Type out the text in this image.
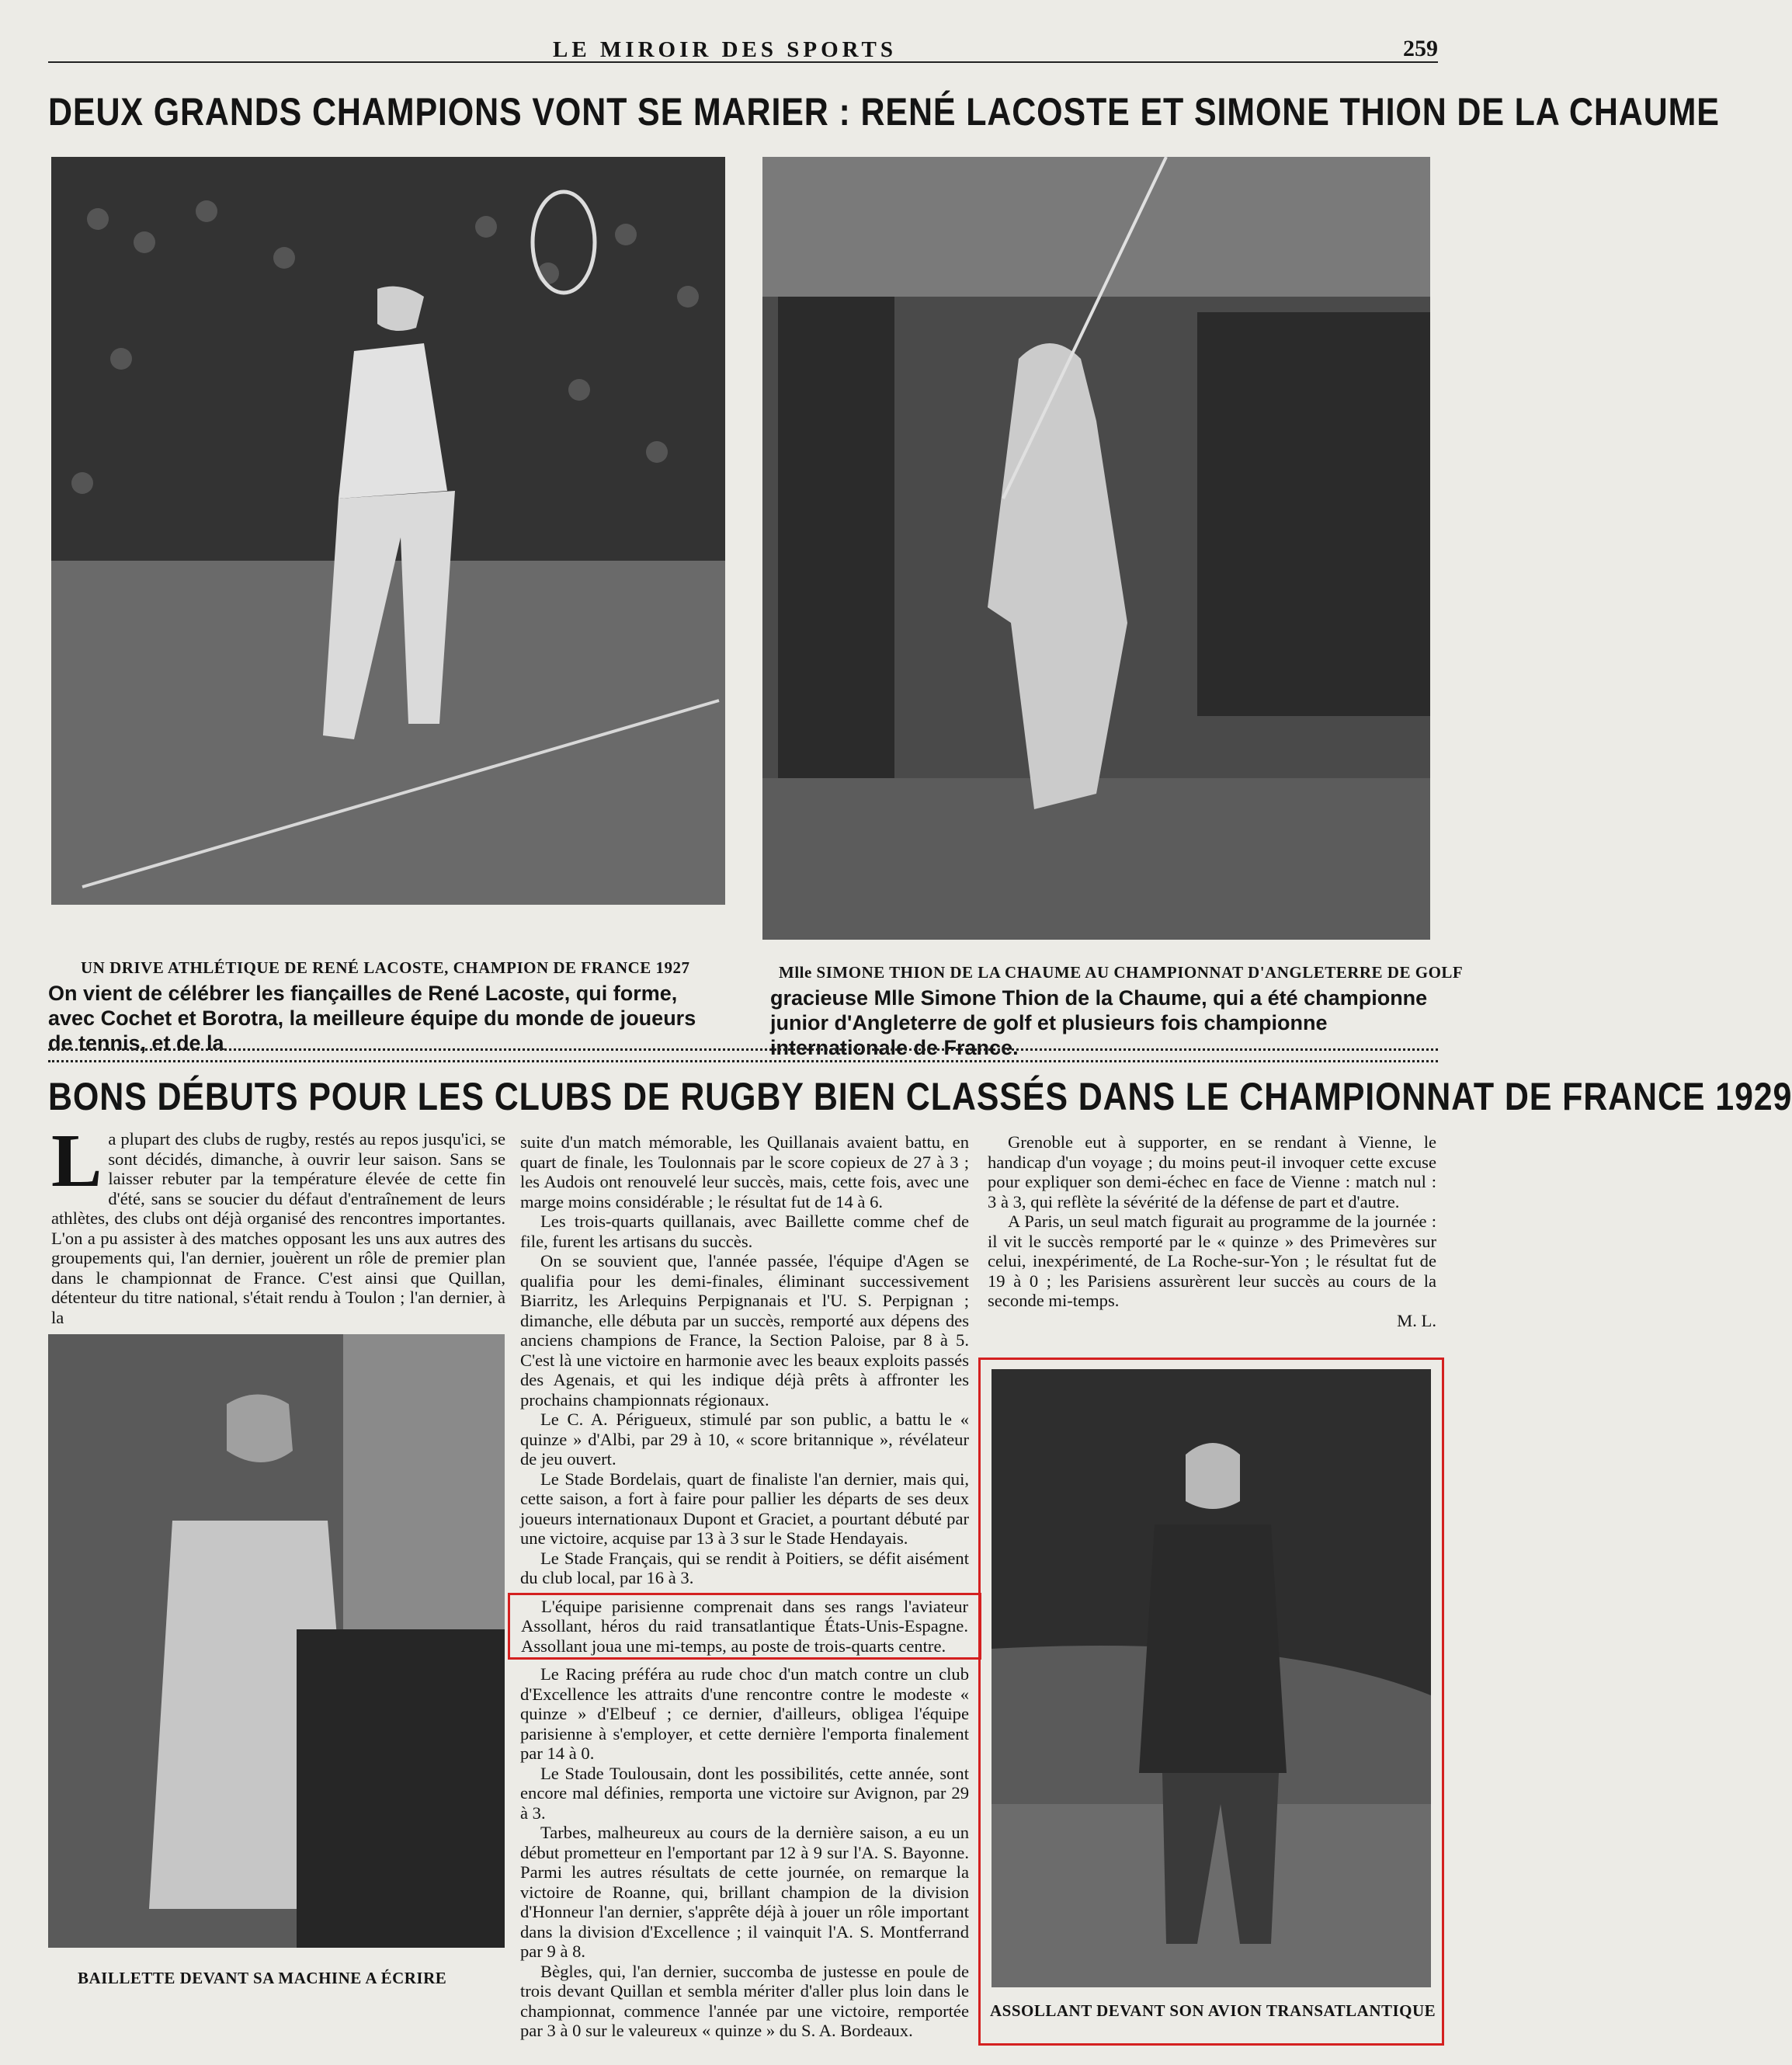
LE MIROIR DES SPORTS	259
DEUX GRANDS CHAMPIONS VONT SE MARIER : RENÉ LACOSTE ET SIMONE THION DE LA CHAUME
UN DRIVE ATHLÉTIQUE DE RENÉ LACOSTE, CHAMPION DE FRANCE 1927	Mlle SIMONE THION DE LA CHAUME AU CHAMPIONNAT D'ANGLETERRE DE GOLF
On vient de célébrer les fiançailles de René Lacoste, qui forme, avec Cochet et Borotra, la meilleure équipe du monde de joueurs de tennis, et de la
gracieuse Mlle Simone Thion de la Chaume, qui a été championne junior d'Angleterre de golf et plusieurs fois championne internationale de France.
BONS DÉBUTS POUR LES CLUBS DE RUGBY BIEN CLASSÉS DANS LE CHAMPIONNAT DE FRANCE 1929

La plupart des clubs de rugby, restés au repos jusqu'ici, se sont décidés, dimanche, à ouvrir leur saison. Sans se laisser rebuter par la température élevée de cette fin d'été, sans se soucier du défaut d'entraînement de leurs athlètes, des clubs ont déjà organisé des rencontres importantes. L'on a pu assister à des matches opposant les uns aux autres des groupements qui, l'an dernier, jouèrent un rôle de premier plan dans le championnat de France. C'est ainsi que Quillan, détenteur du titre national, s'était rendu à Toulon ; l'an dernier, à la

BAILLETTE DEVANT SA MACHINE A ÉCRIRE

suite d'un match mémorable, les Quillanais avaient battu, en quart de finale, les Toulonnais par le score copieux de 27 à 3 ; les Audois ont renouvelé leur succès, mais, cette fois, avec une marge moins considérable ; le résultat fut de 14 à 6.

Les trois-quarts quillanais, avec Baillette comme chef de file, furent les artisans du succès.

On se souvient que, l'année passée, l'équipe d'Agen se qualifia pour les demi-finales, éliminant successivement Biarritz, les Arlequins Perpignanais et l'U. S. Perpignan ; dimanche, elle débuta par un succès, remporté aux dépens des anciens champions de France, la Section Paloise, par 8 à 5. C'est là une victoire en harmonie avec les beaux exploits passés des Agenais, et qui les indique déjà prêts à affronter les prochains championnats régionaux.

Le C. A. Périgueux, stimulé par son public, a battu le « quinze » d'Albi, par 29 à 10, « score britannique », révélateur de jeu ouvert.

Le Stade Bordelais, quart de finaliste l'an dernier, mais qui, cette saison, a fort à faire pour pallier les départs de ses deux joueurs internationaux Dupont et Graciet, a pourtant débuté par une victoire, acquise par 13 à 3 sur le Stade Hendayais.

Le Stade Français, qui se rendit à Poitiers, se défit aisément du club local, par 16 à 3.

L'équipe parisienne comprenait dans ses rangs l'aviateur Assollant, héros du raid transatlantique États-Unis-Espagne. Assollant joua une mi-temps, au poste de trois-quarts centre.

Le Racing préféra au rude choc d'un match contre un club d'Excellence les attraits d'une rencontre contre le modeste « quinze » d'Elbeuf ; ce dernier, d'ailleurs, obligea l'équipe parisienne à s'employer, et cette dernière l'emporta finalement par 14 à 0.

Le Stade Toulousain, dont les possibilités, cette année, sont encore mal définies, remporta une victoire sur Avignon, par 29 à 3.

Tarbes, malheureux au cours de la dernière saison, a eu un début prometteur en l'emportant par 12 à 9 sur l'A. S. Bayonne. Parmi les autres résultats de cette journée, on remarque la victoire de Roanne, qui, brillant champion de la division d'Honneur l'an dernier, s'apprête déjà à jouer un rôle important dans la division d'Excellence ; il vainquit l'A. S. Montferrand par 9 à 8.

Bègles, qui, l'an dernier, succomba de justesse en poule de trois devant Quillan et sembla mériter d'aller plus loin dans le championnat, commence l'année par une victoire, remportée par 3 à 0 sur le valeureux « quinze » du S. A. Bordeaux.

Grenoble eut à supporter, en se rendant à Vienne, le handicap d'un voyage ; du moins peut-il invoquer cette excuse pour expliquer son demi-échec en face de Vienne : match nul : 3 à 3, qui reflète la sévérité de la défense de part et d'autre.

A Paris, un seul match figurait au programme de la journée : il vit le succès remporté par le « quinze » des Primevères sur celui, inexpérimenté, de La Roche-sur-Yon ; le résultat fut de 19 à 0 ; les Parisiens assurèrent leur succès au cours de la seconde mi-temps.

M. L.

ASSOLLANT DEVANT SON AVION TRANSATLANTIQUE
